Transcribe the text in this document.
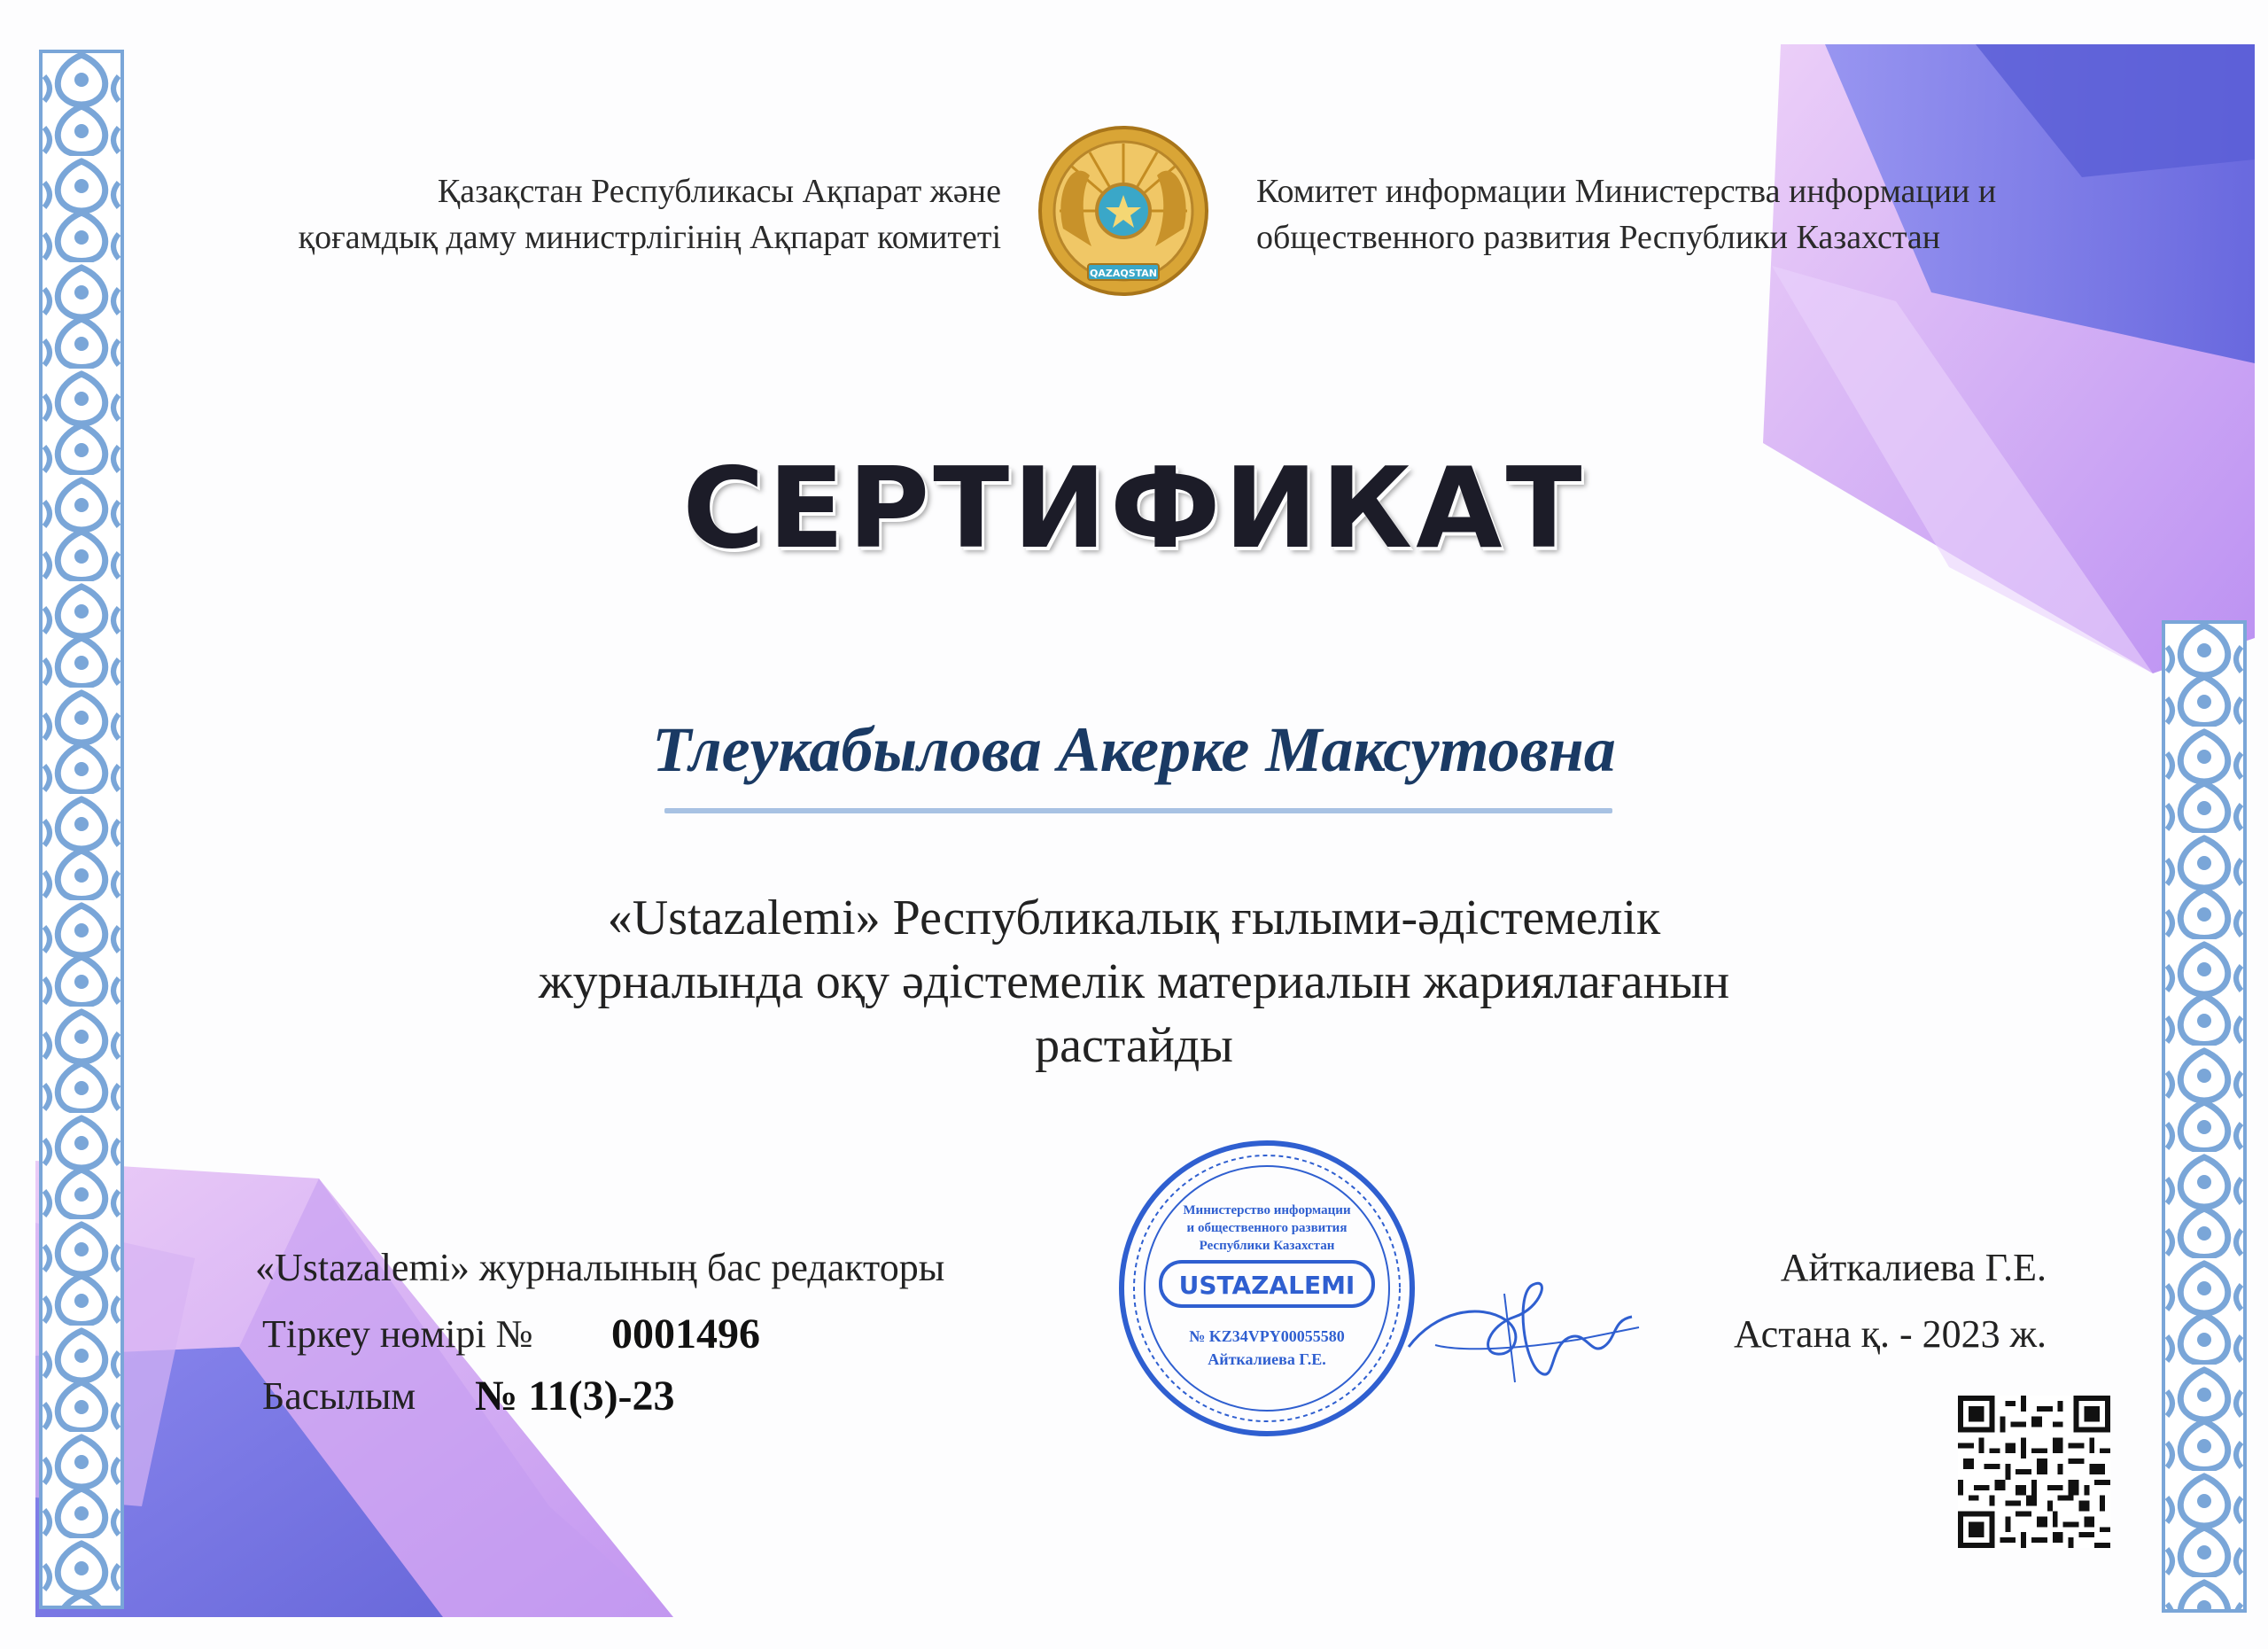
Қазақстан Республикасы Ақпарат және
қоғамдық даму министрлігінің Ақпарат комитеті
QAZAQSTAN
Комитет информации Министерства информации и
общественного развития Республики Казахстан
СЕРТИФИКАТ
Тлеукабылова Акерке Максутовна
«Ustazalemi» Республикалық ғылыми-әдістемелік
журналында оқу әдістемелік материалын жариялағанын
растайды
«Ustazalemi» журналының бас редакторы
Тіркеу нөмірі № 0001496
Басылым № 11(3)-23
Министерство информации
и общественного развития
Республики Казахстан
USTAZALEMI
№ KZ34VPY00055580
Айткалиева Г.Е.
Айткалиева Г.Е.
Астана қ. - 2023 ж.
